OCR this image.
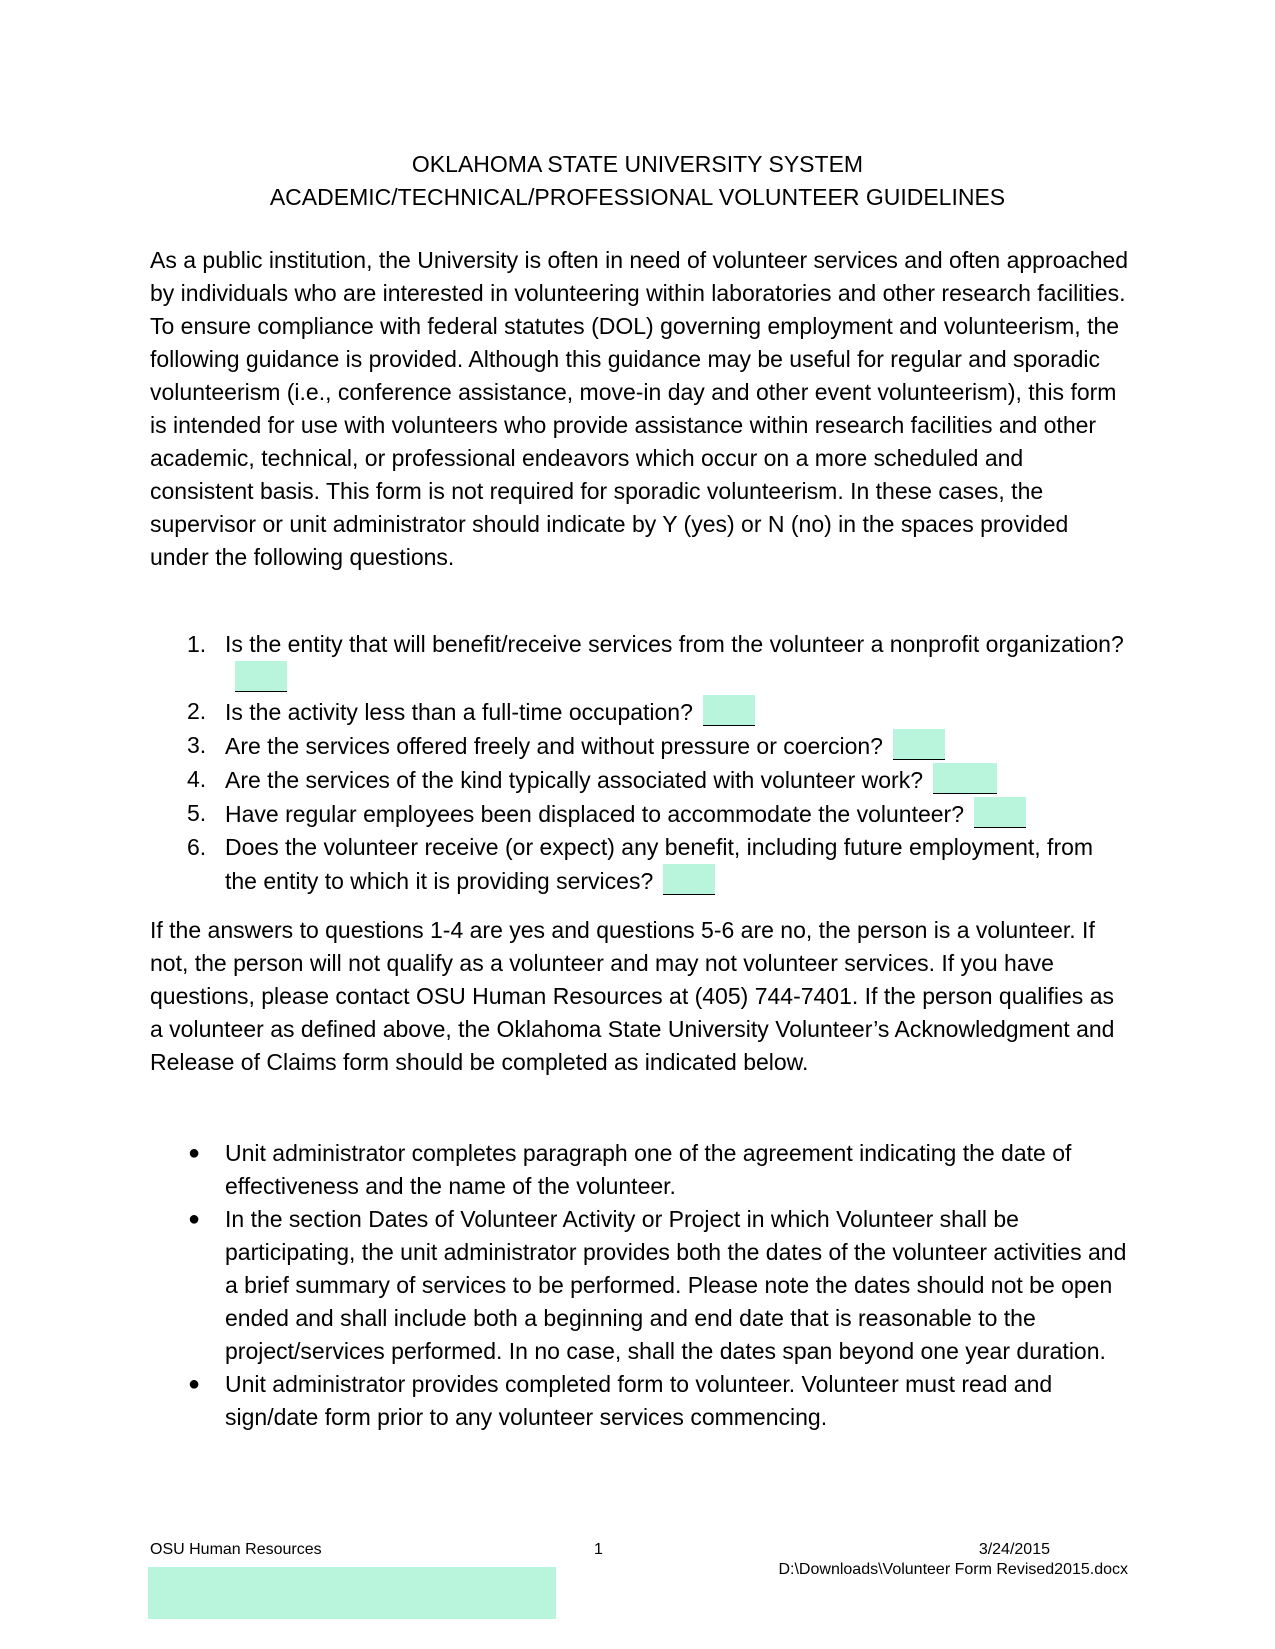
OKLAHOMA STATE UNIVERSITY SYSTEM
ACADEMIC/TECHNICAL/PROFESSIONAL VOLUNTEER GUIDELINES

As a public institution, the University is often in need of volunteer services and often approached by individuals who are interested in volunteering within laboratories and other research facilities. To ensure compliance with federal statutes (DOL) governing employment and volunteerism, the following guidance is provided. Although this guidance may be useful for regular and sporadic volunteerism (i.e., conference assistance, move-in day and other event volunteerism), this form is intended for use with volunteers who provide assistance within research facilities and other academic, technical, or professional endeavors which occur on a more scheduled and consistent basis. This form is not required for sporadic volunteerism. In these cases, the supervisor or unit administrator should indicate by Y (yes) or N (no) in the spaces provided under the following questions.

1. Is the entity that will benefit/receive services from the volunteer a nonprofit organization?
2. Is the activity less than a full-time occupation?
3. Are the services offered freely and without pressure or coercion?
4. Are the services of the kind typically associated with volunteer work?
5. Have regular employees been displaced to accommodate the volunteer?
6. Does the volunteer receive (or expect) any benefit, including future employment, from the entity to which it is providing services?

If the answers to questions 1-4 are yes and questions 5-6 are no, the person is a volunteer. If not, the person will not qualify as a volunteer and may not volunteer services. If you have questions, please contact OSU Human Resources at (405) 744-7401. If the person qualifies as a volunteer as defined above, the Oklahoma State University Volunteer’s Acknowledgment and Release of Claims form should be completed as indicated below.

● Unit administrator completes paragraph one of the agreement indicating the date of effectiveness and the name of the volunteer.
● In the section Dates of Volunteer Activity or Project in which Volunteer shall be participating, the unit administrator provides both the dates of the volunteer activities and a brief summary of services to be performed. Please note the dates should not be open ended and shall include both a beginning and end date that is reasonable to the project/services performed. In no case, shall the dates span beyond one year duration.
● Unit administrator provides completed form to volunteer. Volunteer must read and sign/date form prior to any volunteer services commencing.
OSU Human Resources	1	3/24/2015
D:\Downloads\Volunteer Form Revised2015.docx
